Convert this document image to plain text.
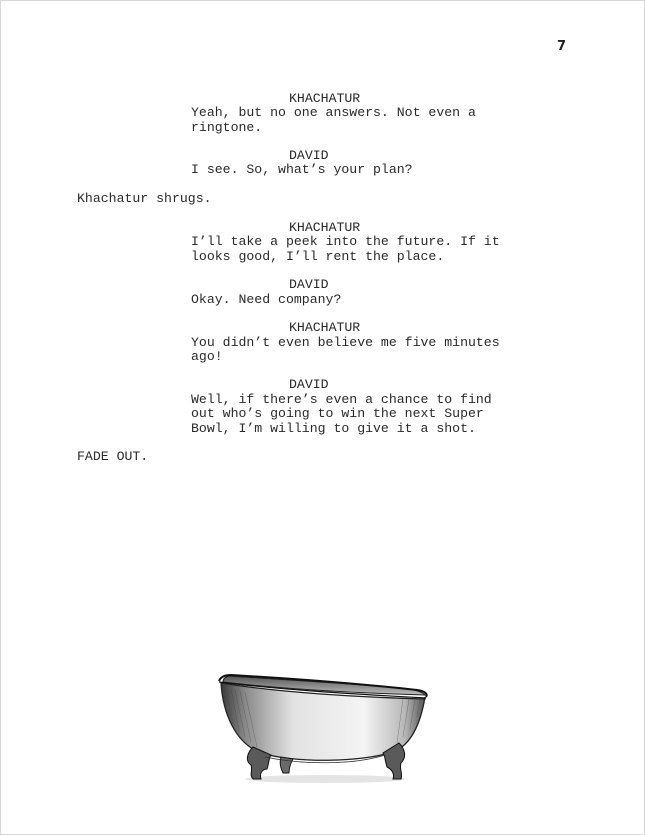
7
KHACHATUR
Yeah, but no one answers. Not even a
ringtone.
DAVID
I see. So, what’s your plan?
Khachatur shrugs.
KHACHATUR
I’ll take a peek into the future. If it
looks good, I’ll rent the place.
DAVID
Okay. Need company?
KHACHATUR
You didn’t even believe me five minutes
ago!
DAVID
Well, if there’s even a chance to find
out who’s going to win the next Super
Bowl, I’m willing to give it a shot.
FADE OUT.
